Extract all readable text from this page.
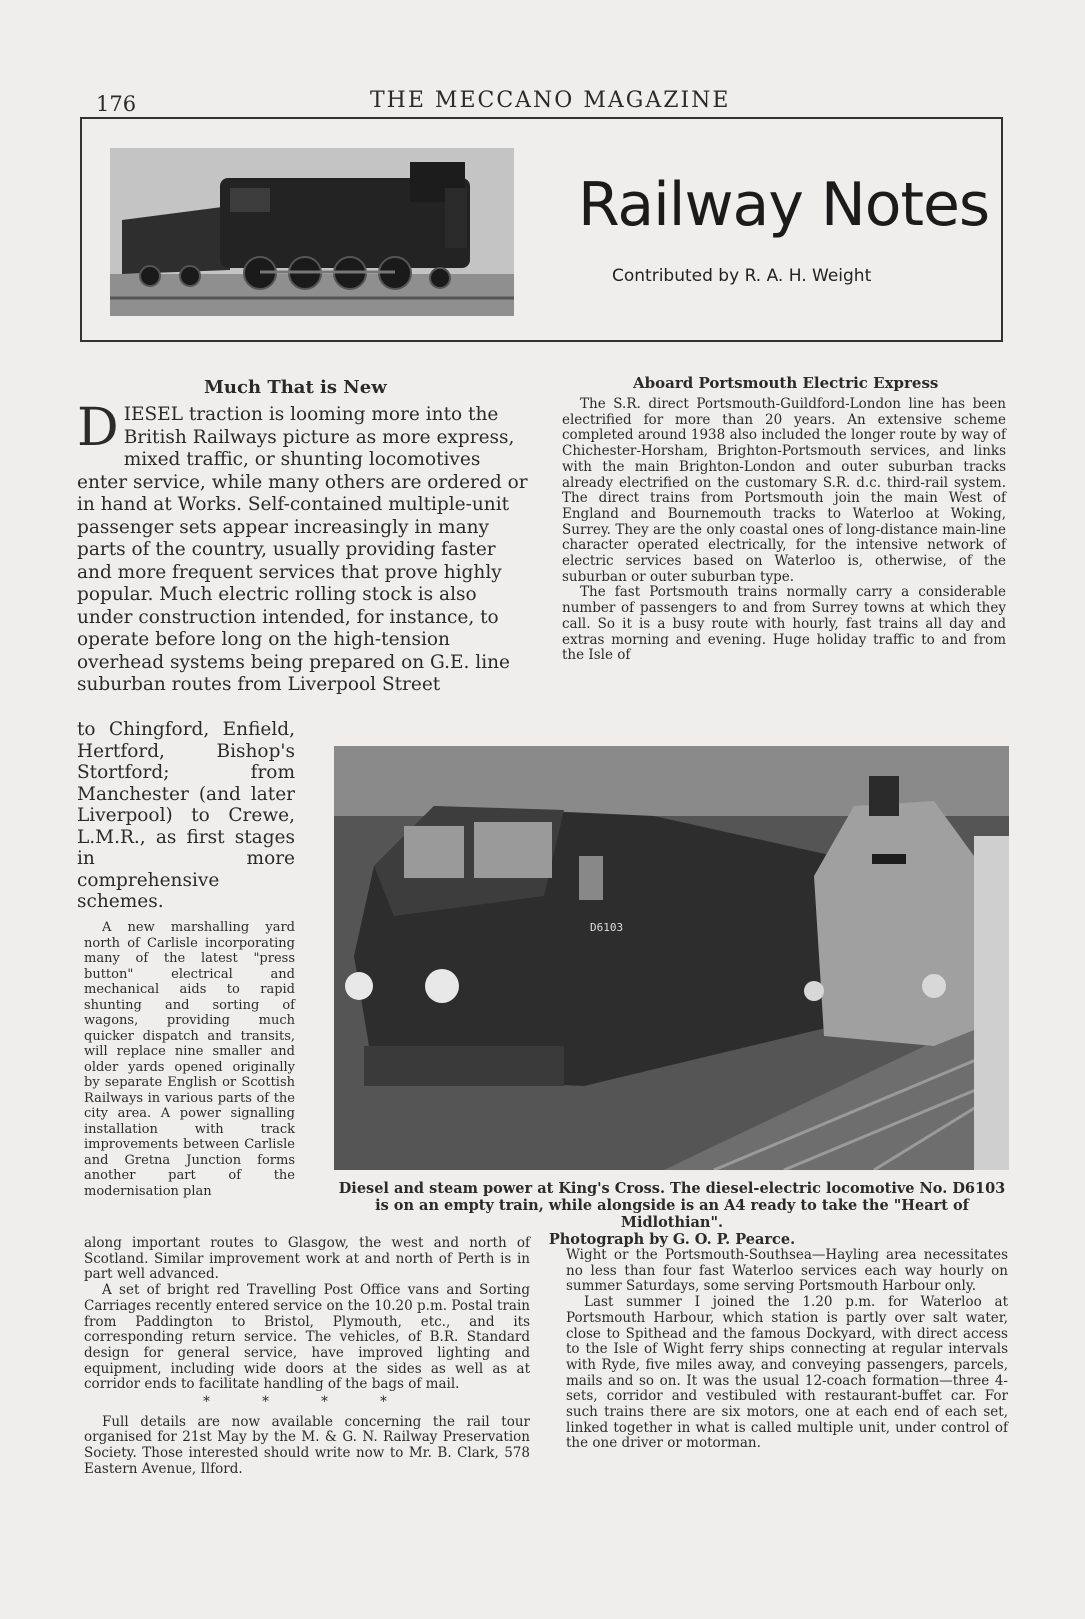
176	THE MECCANO MAGAZINE
Railway Notes
Contributed by R. A. H. Weight
Much That is New
D IESEL traction is looming more into the British Railways picture as more express, mixed traffic, or shunting locomotives enter service, while many others are ordered or in hand at Works. Self-contained multiple-unit passenger sets appear increasingly in many parts of the country, usually providing faster and more frequent services that prove highly popular. Much electric rolling stock is also under construction intended, for instance, to operate before long on the high-tension overhead systems being prepared on G.E. line suburban routes from Liverpool Street

to Chingford, Enfield, Hertford, Bishop's Stortford; from Manchester (and later Liverpool) to Crewe, L.M.R., as first stages in more comprehensive schemes.

A new marshalling yard north of Carlisle incorporating many of the latest "press button" electrical and mechanical aids to rapid shunting and sorting of wagons, providing much quicker dispatch and transits, will replace nine smaller and older yards opened originally by separate English or Scottish Railways in various parts of the city area. A power signalling installation with track improvements between Carlisle and Gretna Junction forms another part of the modernisation plan

along important routes to Glasgow, the west and north of Scotland. Similar improvement work at and north of Perth is in part well advanced.

A set of bright red Travelling Post Office vans and Sorting Carriages recently entered service on the 10.20 p.m. Postal train from Paddington to Bristol, Plymouth, etc., and its corresponding return service. The vehicles, of B.R. Standard design for general service, have improved lighting and equipment, including wide doors at the sides as well as at corridor ends to facilitate handling of the bags of mail.

* * * *

Full details are now available concerning the rail tour organised for 21st May by the M. & G. N. Railway Preservation Society. Those interested should write now to Mr. B. Clark, 578 Eastern Avenue, Ilford.

Aboard Portsmouth Electric Express

The S.R. direct Portsmouth-Guildford-London line has been electrified for more than 20 years. An extensive scheme completed around 1938 also included the longer route by way of Chichester-Horsham, Brighton-Portsmouth services, and links with the main Brighton-London and outer suburban tracks already electrified on the customary S.R. d.c. third-rail system. The direct trains from Portsmouth join the main West of England and Bournemouth tracks to Waterloo at Woking, Surrey. They are the only coastal ones of long-distance main-line character operated electrically, for the intensive network of electric services based on Waterloo is, otherwise, of the suburban or outer suburban type.

The fast Portsmouth trains normally carry a considerable number of passengers to and from Surrey towns at which they call. So it is a busy route with hourly, fast trains all day and extras morning and evening. Huge holiday traffic to and from the Isle of

D6103
Diesel and steam power at King's Cross. The diesel-electric locomotive No. D6103
is on an empty train, while alongside is an A4 ready to take the "Heart of Midlothian".
Photograph by G. O. P. Pearce.

Wight or the Portsmouth-Southsea—Hayling area necessitates no less than four fast Waterloo services each way hourly on summer Saturdays, some serving Portsmouth Harbour only.

Last summer I joined the 1.20 p.m. for Waterloo at Portsmouth Harbour, which station is partly over salt water, close to Spithead and the famous Dockyard, with direct access to the Isle of Wight ferry ships connecting at regular intervals with Ryde, five miles away, and conveying passengers, parcels, mails and so on. It was the usual 12-coach formation—three 4-sets, corridor and vestibuled with restaurant-buffet car. For such trains there are six motors, one at each end of each set, linked together in what is called multiple unit, under control of the one driver or motorman.
